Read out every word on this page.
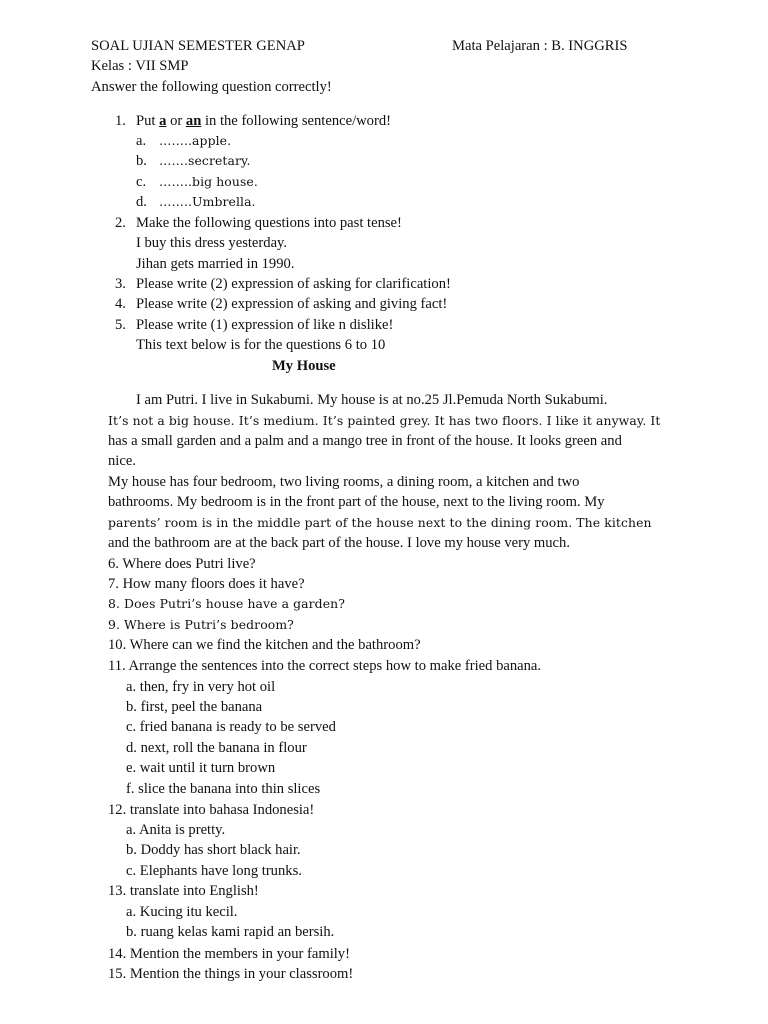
SOAL UJIAN SEMESTER GENAP	Mata Pelajaran : B. INGGRIS
Kelas : VII SMP
Answer the following question correctly!
1. Put a or an in the following sentence/word!
a. ……..apple.
b. …….secretary.
c. ……..big house.
d. ……..Umbrella.
2. Make the following questions into past tense!
I buy this dress yesterday.
Jihan gets married in 1990.
3. Please write (2) expression of asking for clarification!
4. Please write (2) expression of asking and giving fact!
5. Please write (1) expression of like n dislike!
This text below is for the questions 6 to 10
My House
I am Putri. I live in Sukabumi. My house is at no.25 Jl.Pemuda North Sukabumi.
It’s not a big house. It’s medium. It’s painted grey. It has two floors. I like it anyway. It
has a small garden and a palm and a mango tree in front of the house. It looks green and
nice.
My house has four bedroom, two living rooms, a dining room, a kitchen and two
bathrooms. My bedroom is in the front part of the house, next to the living room. My
parents’ room is in the middle part of the house next to the dining room. The kitchen
and the bathroom are at the back part of the house. I love my house very much.
6. Where does Putri live?
7. How many floors does it have?
8. Does Putri’s house have a garden?
9. Where is Putri’s bedroom?
10. Where can we find the kitchen and the bathroom?
11. Arrange the sentences into the correct steps how to make fried banana.
a. then, fry in very hot oil
b. first, peel the banana
c. fried banana is ready to be served
d. next, roll the banana in flour
e. wait until it turn brown
f. slice the banana into thin slices
12. translate into bahasa Indonesia!
a. Anita is pretty.
b. Doddy has short black hair.
c. Elephants have long trunks.
13. translate into English!
a. Kucing itu kecil.
b. ruang kelas kami rapid an bersih.
14. Mention the members in your family!
15. Mention the things in your classroom!
